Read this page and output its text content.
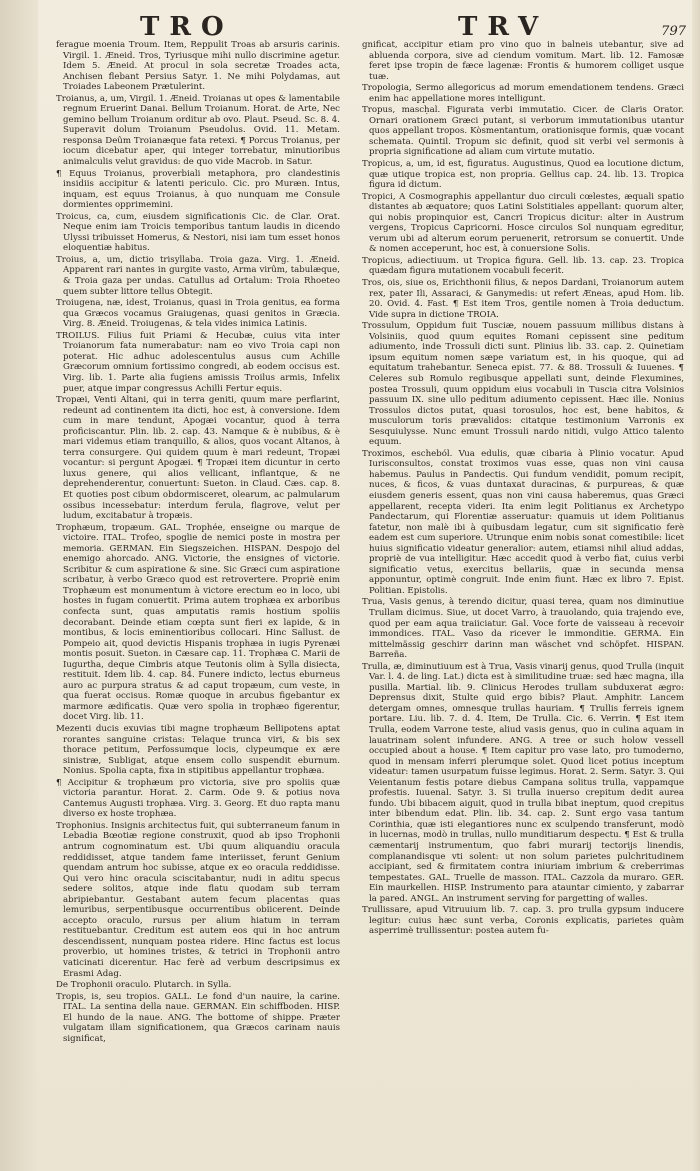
TRO	TRV	797

ferague moenia Troum. Item, Reppulit Troas ab arsuris carinis. Virgil. 1. Æneid. Tros, Tyriusque mihi nullo discrimine agetur. Idem 5. Æneid. At procul in sola secretæ Troades acta, Anchisen flebant Persius Satyr. 1. Ne mihi Polydamas, aut Troiades Labeonem Prætulerint.

Troianus, a, um, Virgil. 1. Æneid. Troianas ut opes & lamentabile regnum Eruerint Danai. Bellum Troianum. Horat. de Arte, Nec gemino bellum Troianum orditur ab ovo. Plaut. Pseud. Sc. 8. 4. Superavit dolum Troianum Pseudolus. Ovid. 11. Metam. responsa Deûm Troianæque fata retexi. ¶ Porcus Troianus, per iocum dicebatur aper, qui integer torrebatur, minutioribus animalculis velut gravidus: de quo vide Macrob. in Satur.

¶ Equus Troianus, proverbiali metaphora, pro clandestinis insidiis accipitur & latenti periculo. Cic. pro Muræn. Intus, inquam, est equus Troianus, à quo nunquam me Consule dormientes opprimemini.

Troicus, ca, cum, eiusdem significationis Cic. de Clar. Orat. Neque enim iam Troicis temporibus tantum laudis in dicendo Ulyssi tribuisset Homerus, & Nestori, nisi iam tum esset honos eloquentiæ habitus.

Troius, a, um, dictio trisyllaba. Troia gaza. Virg. 1. Æneid. Apparent rari nantes in gurgite vasto, Arma virûm, tabulæque, & Troia gaza per undas. Catullus ad Ortalum: Troia Rhoeteo quem subter littore tellus Obtegit.

Troiugena, næ, idest, Troianus, quasi in Troia genitus, ea forma qua Græcos vocamus Graiugenas, quasi genitos in Græcia. Virg. 8. Æneid. Troiugenas, & tela vides inimica Latinis.

TROILUS. Filius fuit Priami & Hecubæ, cuius vita inter Troianorum fata numerabatur: nam eo vivo Troia capi non poterat. Hic adhuc adolescentulus ausus cum Achille Græcorum omnium fortissimo congredi, ab eodem occisus est. Virg. lib. 1. Parte alia fugiens amissis Troilus armis, Infelix puer, atque impar congressus Achilli Fertur equis.

Tropæi, Venti Altani, qui in terra geniti, quum mare perflarint, redeunt ad continentem ita dicti, hoc est, à conversione. Idem cum in mare tendunt, Apogæi vocantur, quod à terra proficiscantur. Plin. lib. 2. cap. 43. Namque & è nubibus, & è mari videmus etiam tranquillo, & alios, quos vocant Altanos, à terra consurgere. Qui quidem quum è mari redeunt, Tropæi vocantur: si pergunt Apogæi. ¶ Tropæi item dicuntur in certo luxus genere, qui alios vellicant, inflantque, & ne deprehenderentur, conuertunt: Sueton. in Claud. Cæs. cap. 8. Et quoties post cibum obdormisceret, olearum, ac palmularum ossibus incessebatur: interdum ferula, flagrove, velut per ludum, excitabatur à tropæis.

Trophæum, tropæum. GAL. Trophée, enseigne ou marque de victoire. ITAL. Trofeo, spoglie de nemici poste in mostra per memoria. GERMAN. Ein Siegszeichen. HISPAN. Despojo del enemigo ahorcado. ANG. Victorie, the ensignes of victorie. Scribitur & cum aspiratione & sine. Sic Græci cum aspiratione scribatur, à verbo Græco quod est retrovertere. Propriè enim Trophæum est monumentum à victore erectum eo in loco, ubi hostes in fugam conuertit. Prima autem trophæa ex arboribus confecta sunt, quas amputatis ramis hostium spoliis decorabant. Deinde etiam cœpta sunt fieri ex lapide, & in montibus, & locis eminentioribus collocari. Hinc Sallust. de Pompeio ait, quod devictis Hispanis trophæa in iugis Pyrenæi montis posuit. Sueton. in Cæsare cap. 11. Trophæa C. Marii de Iugurtha, deque Cimbris atque Teutonis olim à Sylla disiecta, restituit. Idem lib. 4. cap. 84. Funere indicto, lectus eburneus auro ac purpura stratus & ad caput tropæum, cum veste, in qua fuerat occisus. Romæ quoque in arcubus figebantur ex marmore ædificatis. Quæ vero spolia in trophæo figerentur, docet Virg. lib. 11.

Mezenti ducis exuvias tibi magne trophæum Bellipotens aptat rorantes sanguine cristas: Telaque trunca viri, & bis sex thorace petitum, Perfossumque locis, clypeumque ex ære sinistræ, Subligat, atque ensem collo suspendit eburnum. Nonius. Spolia capta, fixa in stipitibus appellantur trophæa.

¶ Accipitur & trophæum pro victoria, sive pro spoliis quæ victoria parantur. Horat. 2. Carm. Ode 9. & potius nova Cantemus Augusti trophæa. Virg. 3. Georg. Et duo rapta manu diverso ex hoste trophæa.

Trophonius. Insignis architectus fuit, qui subterraneum fanum in Lebadia Bœotiæ regione construxit, quod ab ipso Trophonii antrum cognominatum est. Ubi quum aliquandiu oracula reddidisset, atque tandem fame interiisset, ferunt Genium quendam antrum hoc subisse, atque ex eo oracula reddidisse. Qui vero hinc oracula sciscitabantur, nudi in aditu specus sedere solitos, atque inde flatu quodam sub terram abripiebantur. Gestabant autem fecum placentas quas lemuribus, serpentibusque occurrentibus obiicerent. Deinde accepto oraculo, rursus per alium hiatum in terram restituebantur. Creditum est autem eos qui in hoc antrum descendissent, nunquam postea ridere. Hinc factus est locus proverbio, ut homines tristes, & tetrici in Trophonii antro vaticinati dicerentur. Hac ferè ad verbum descripsimus ex Erasmi Adag.

De Trophonii oraculo. Plutarch. in Sylla.

Tropis, is, seu tropios. GALL. Le fond d'un nauire, la carine. ITAL. La sentina della naue. GERMAN. Ein schiffboden. HISP. El hundo de la naue. ANG. The bottome of shippe. Præter vulgatam illam significationem, qua Græcos carinam nauis significat,

gnificat, accipitur etiam pro vino quo in balneis utebantur, sive ad abluenda corpora, sive ad ciendum vomitum. Mart. lib. 12. Famosæ feret ipse tropin de fæce lagenæ: Frontis & humorem colliget usque tuæ.

Tropologia, Sermo allegoricus ad morum emendationem tendens. Græci enim hac appellatione mores intelligunt.

Tropus, mascḥal. Figurata verbi immutatio. Cicer. de Claris Orator. Ornari orationem Græci putant, si verborum immutationibus utantur quos appellant tropos. Kòsmentantum, orationisque formis, quæ vocant schemata. Quintil. Tropum sic definit, quod sit verbi vel sermonis à propria significatione ad aliam cum virtute mutatio.

Tropicus, a, um, id est, figuratus. Augustinus, Quod ea locutione dictum, quæ utique tropica est, non propria. Gellius cap. 24. lib. 13. Tropica figura id dictum.

Tropici, A Cosmographis appellantur duo circuli cœlestes, æquali spatio distantes ab æquatore; quos Latini Solstitiales appellant: quorum alter, qui nobis propinquior est, Cancri Tropicus dicitur: alter in Austrum vergens, Tropicus Capricorni. Hosce circulos Sol nunquam egreditur, verum ubi ad alterum eorum peruenerit, retrorsum se conuertit. Unde & nomen acceperunt, hoc est, à conuersione Solis.

Tropicus, adiectiuum. ut Tropica figura. Gell. lib. 13. cap. 23. Tropica quædam figura mutationem vocabuli fecerit.

Tros, ois, siue os, Erichthonii filius, & nepos Dardani, Troianorum autem rex, pater Ili, Assaraci, & Ganymedis: ut refert Æneas, apud Hom. lib. 20. Ovid. 4. Fast. ¶ Est item Tros, gentile nomen à Troia deductum. Vide supra in dictione TROIA.

Trossulum, Oppidum fuit Tusciæ, nouem passuum millibus distans à Volsiniis, quod quum equites Romani cepissent sine peditum adiumento, inde Trossuli dicti sunt. Plinius lib. 33. cap. 2. Quinetiam ipsum equitum nomen sæpe variatum est, in his quoque, qui ad equitatum trahebantur. Seneca epist. 77. & 88. Trossuli & Iuuenes. ¶ Celeres sub Romulo regibusque appellati sunt, deinde Flexumines, postea Trossuli, quum oppidum eius vocabuli in Tuscia citra Volsinios passuum IX. sine ullo peditum adiumento cepissent. Hæc ille. Nonius Trossulos dictos putat, quasi torosulos, hoc est, bene habitos, & musculorum toris prævalidos: citatque testimonium Varronis ex Sesquiulysse. Nunc emunt Trossuli nardo nitidi, vulgo Attico talento equum.

Troximos, escheból. Vua edulis, quæ cibaria à Plinio vocatur. Apud Iurisconsultos, constat troximos vuas esse, quas non vini causa habemus. Paulus in Pandectis. Qui fundum vendidit, pomum recipit, nuces, & ficos, & vuas duntaxat duracinas, & purpureas, & quæ eiusdem generis essent, quas non vini causa haberemus, quas Græci appellarent, recepta videri. Ita enim legit Politianus ex Archetypo Pandectarum, qui Florentiæ asseruatur: quamuis ut idem Politianus fatetur, non malè ibi à quibusdam legatur, cum sit significatio ferè eadem est cum superiore. Utrunque enim nobis sonat comestibile: licet huius significatio videatur generalior: autem, etiamsi nihil aliud addas, propriè de vua intelligitur. Hæc accedit quod à verbo fiat, cuius verbi significatio vetus, exercitus bellariis, quæ in secunda mensa apponuntur, optimè congruit. Inde enim fiunt. Hæc ex libro 7. Epist. Politian. Epistolis.

Trua, Vasis genus, à terendo dicitur, quasi terea, quam nos diminutiue Trullam dicimus. Siue, ut docet Varro, à trauolando, quia trajendo eve, quod per eam aqua traiiciatur. Gal. Voce forte de vaisseau à recevoir immondices. ITAL. Vaso da ricever le immonditie. GERMA. Ein mittelmässig geschirr darinn man wäschet vnd schöpfet. HISPAN. Barreña.

Trulla, æ, diminutiuum est à Trua, Vasis vinarij genus, quod Trulla (inquit Var. l. 4. de ling. Lat.) dicta est à similitudine truæ: sed hæc magna, illa pusilla. Martial. lib. 9. Clinicus Herodes trullam subduxerat ægro: Deprensus dixit, Stulte quid ergo bibis? Plaut. Amphitr. Lancem detergam omnes, omnesque trullas hauriam. ¶ Trullis ferreis ignem portare. Liu. lib. 7. d. 4. Item, De Trulla. Cic. 6. Verrin. ¶ Est item Trulla, eodem Varrone teste, aliud vasis genus, quo in culina aquam in lauatrinam solent infundere. ANG. A tree or such holow vessell occupied about a house. ¶ Item capitur pro vase lato, pro tumoderno, quod in mensam inferri plerumque solet. Quod licet potius inceptum videatur: tamen usurpatum fuisse legimus. Horat. 2. Serm. Satyr. 3. Qui Veientanum festis potare diebus Campana solitus trulla, vappamque profestis. Iuuenal. Satyr. 3. Si trulla inuerso crepitum dedit aurea fundo. Ubi bibacem aiguit, quod in trulla bibat ineptum, quod crepitus inter bibendum edat. Plin. lib. 34. cap. 2. Sunt ergo vasa tantum Corinthia, quæ isti elegantiores nunc ex sculpendo transferunt, modò in lucernas, modò in trullas, nullo munditiarum despectu. ¶ Est & trulla cæmentarij instrumentum, quo fabri murarij tectorijs linendis, complanandisque vti solent: ut non solum parietes pulchritudinem accipiant, sed & firmitatem contra iniuriam imbrium & creberrimas tempestates. GAL. Truelle de masson. ITAL. Cazzola da muraro. GER. Ein maurkellen. HISP. Instrumento para atauntar cimiento, y zabarrar la pared. ANGL. An instrument serving for pargetting of walles.

Trullissare, apud Vitruuium lib. 7. cap. 3. pro trulla gypsum inducere legitur: cuius hæc sunt verba, Coronis explicatis, parietes quàm asperrimè trullissentur: postea autem fu-
